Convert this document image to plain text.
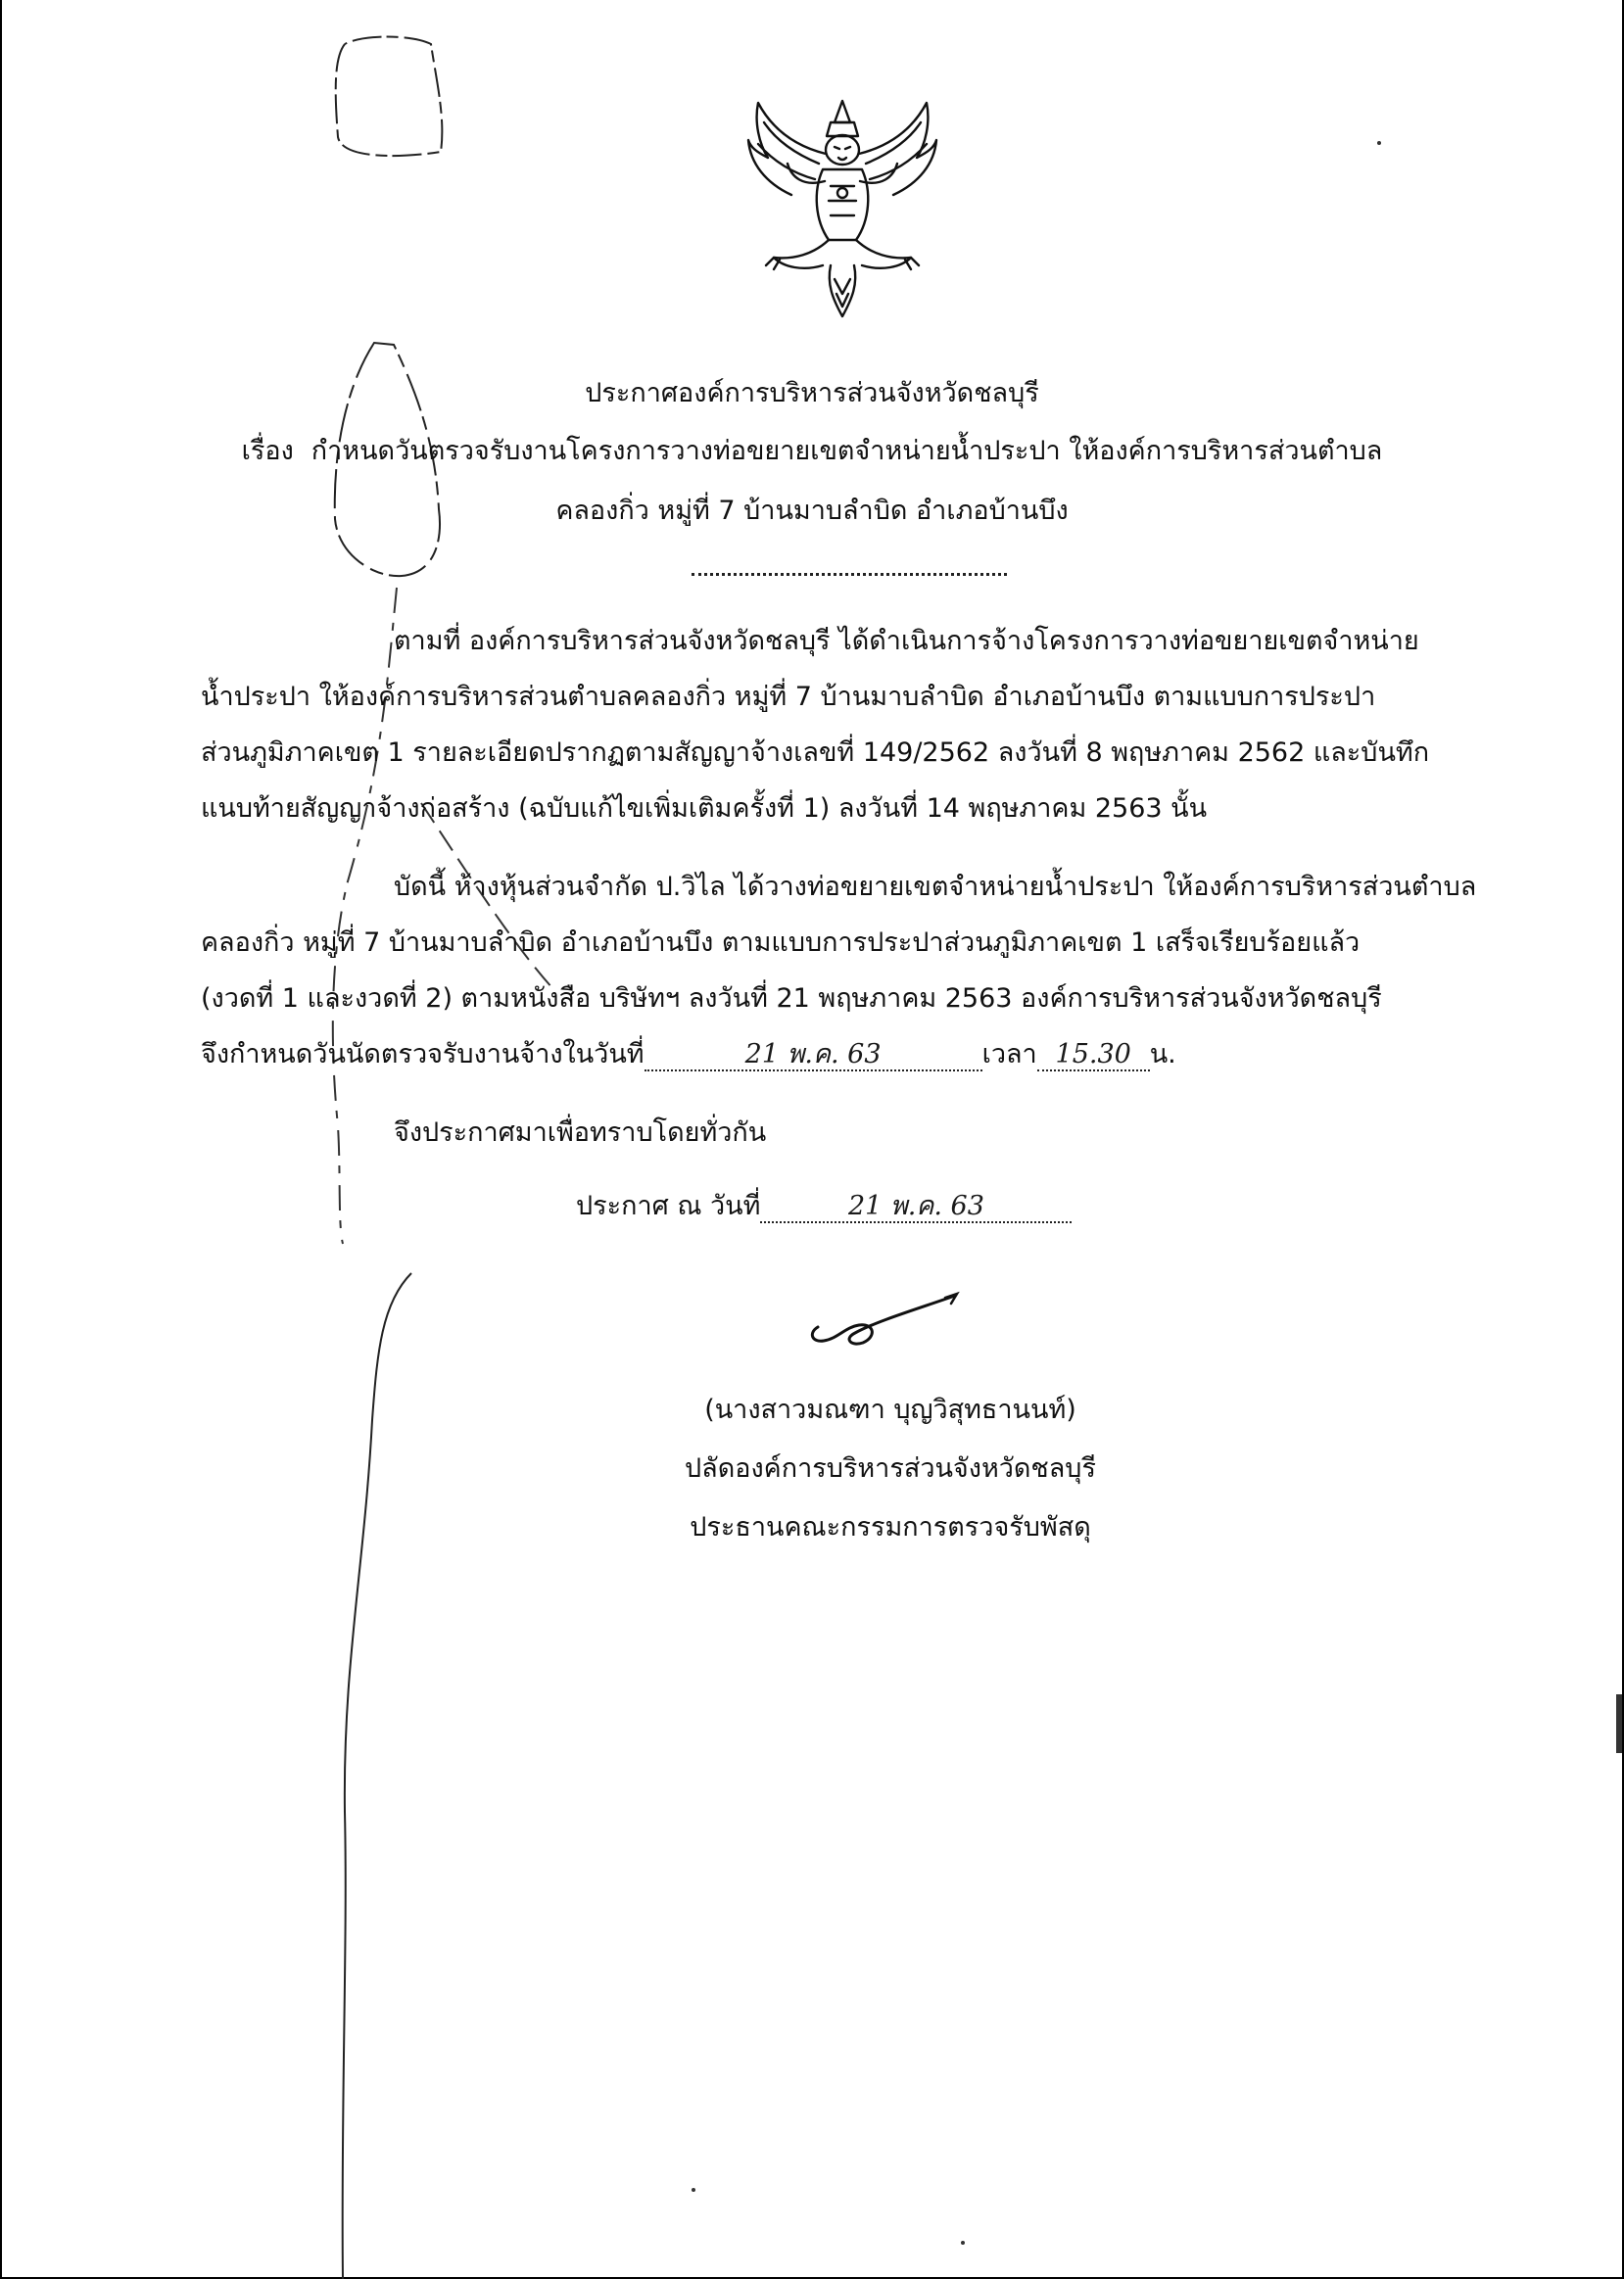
ประกาศองค์การบริหารส่วนจังหวัดชลบุรี
เรื่อง กำหนดวันตรวจรับงานโครงการวางท่อขยายเขตจำหน่ายน้ำประปา ให้องค์การบริหารส่วนตำบล
คลองกิ่ว หมู่ที่ 7 บ้านมาบลำบิด อำเภอบ้านบึง
ตามที่ องค์การบริหารส่วนจังหวัดชลบุรี ได้ดำเนินการจ้างโครงการวางท่อขยายเขตจำหน่าย
น้ำประปา ให้องค์การบริหารส่วนตำบลคลองกิ่ว หมู่ที่ 7 บ้านมาบลำบิด อำเภอบ้านบึง ตามแบบการประปา
ส่วนภูมิภาคเขต 1 รายละเอียดปรากฏตามสัญญาจ้างเลขที่ 149/2562 ลงวันที่ 8 พฤษภาคม 2562 และบันทึก
แนบท้ายสัญญาจ้างก่อสร้าง (ฉบับแก้ไขเพิ่มเติมครั้งที่ 1) ลงวันที่ 14 พฤษภาคม 2563 นั้น
บัดนี้ ห้างหุ้นส่วนจำกัด ป.วิไล ได้วางท่อขยายเขตจำหน่ายน้ำประปา ให้องค์การบริหารส่วนตำบล
คลองกิ่ว หมู่ที่ 7 บ้านมาบลำบิด อำเภอบ้านบึง ตามแบบการประปาส่วนภูมิภาคเขต 1 เสร็จเรียบร้อยแล้ว
(งวดที่ 1 และงวดที่ 2) ตามหนังสือ บริษัทฯ ลงวันที่ 21 พฤษภาคม 2563 องค์การบริหารส่วนจังหวัดชลบุรี
จึงกำหนดวันนัดตรวจรับงานจ้างในวันที่	21 พ.ค. 63	เวลา 15.30 น.
จึงประกาศมาเพื่อทราบโดยทั่วกัน
ประกาศ ณ วันที่	21 พ.ค. 63
(นางสาวมณฑา บุญวิสุทธานนท์)
ปลัดองค์การบริหารส่วนจังหวัดชลบุรี
ประธานคณะกรรมการตรวจรับพัสดุ
